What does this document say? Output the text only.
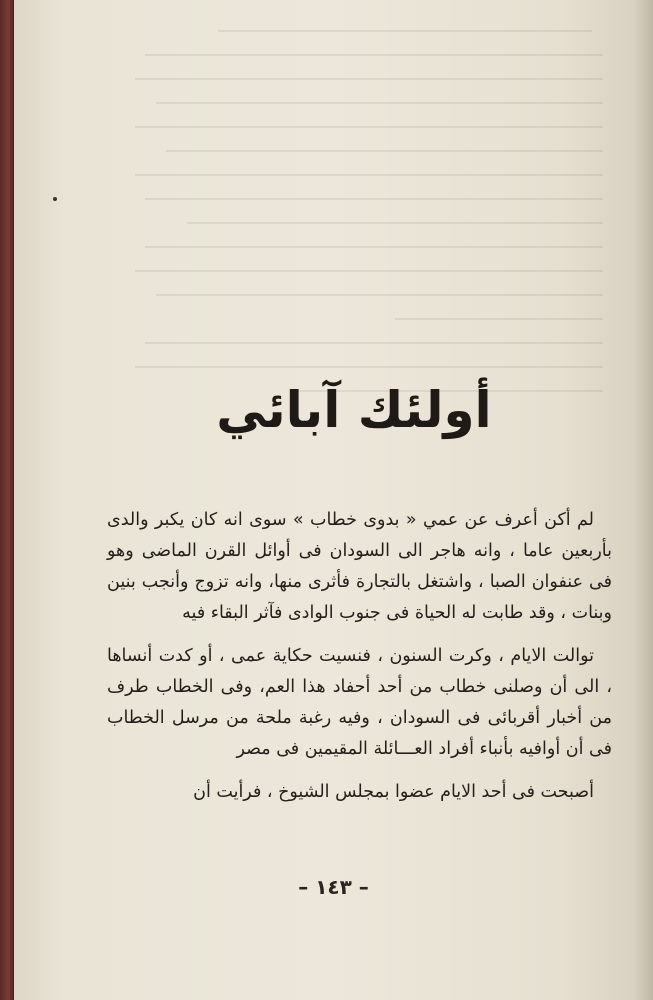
أولئك آبائي

لم أكن أعرف عن عمي « بدوى خطاب » سوى انه كان يكبر والدى بأربعين عاما ، وانه هاجر الى السودان فى أوائل القرن الماضى وهو فى عنفوان الصبا ، واشتغل بالتجارة فأثرى منها، وانه تزوج وأنجب بنين وبنات ، وقد طابت له الحياة فى جنوب الوادى فآثر البقاء فيه

توالت الايام ، وكرت السنون ، فنسيت حكاية عمى ، أو كدت أنساها ، الى أن وصلنى خطاب من أحد أحفاد هذا العم، وفى الخطاب طرف من أخبار أقربائى فى السودان ، وفيه رغبة ملحة من مرسل الخطاب فى أن أوافيه بأنباء أفراد العـــائلة المقيمين فى مصر

أصبحت فى أحد الايام عضوا بمجلس الشيوخ ، فرأيت أن

– ١٤٣ –
